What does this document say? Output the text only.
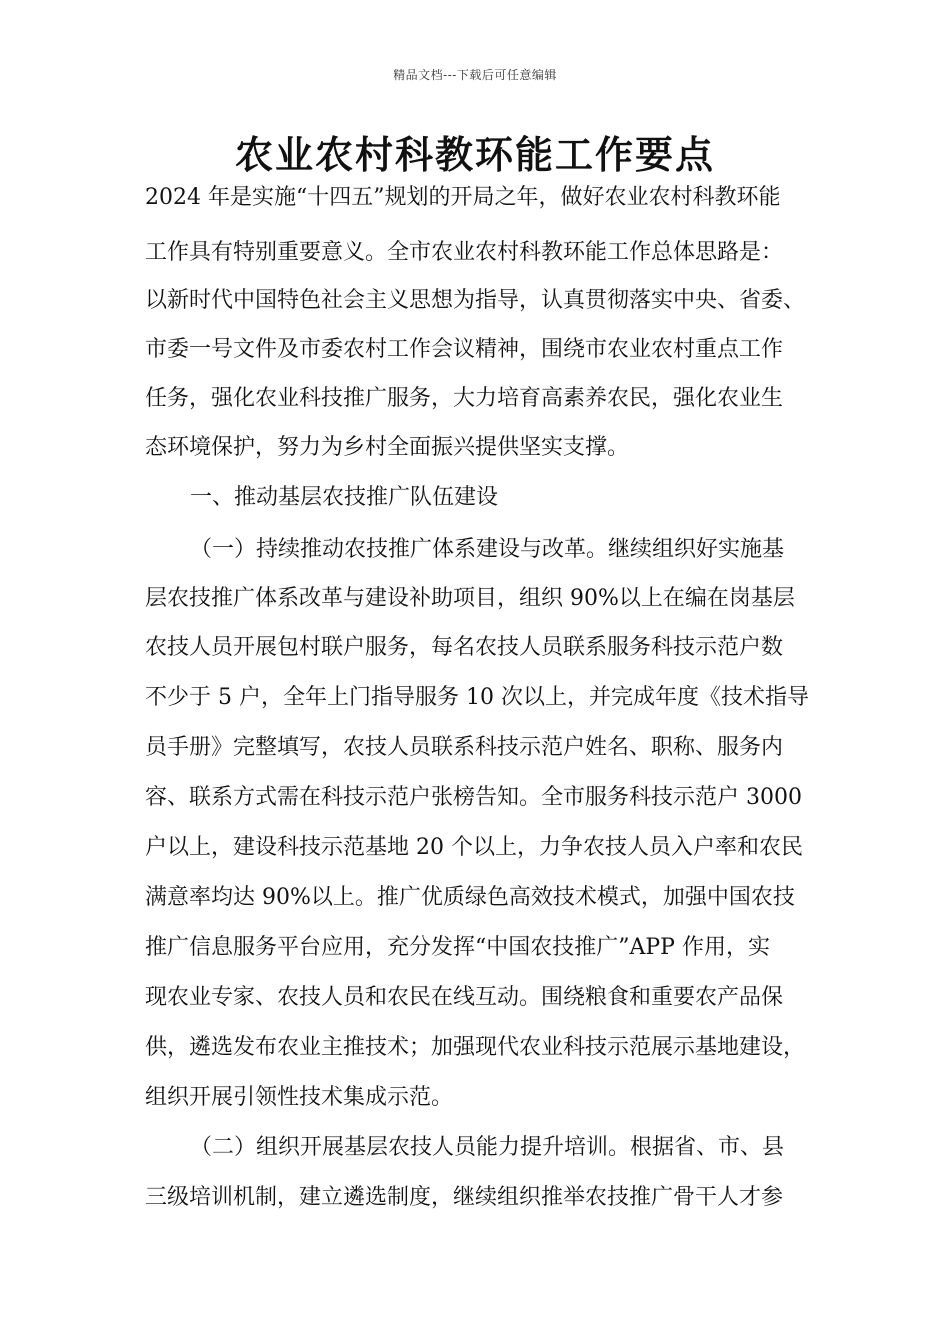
精品文档---下载后可任意编辑
农业农村科教环能工作要点
2024 年是实施“十四五”规划的开局之年，做好农业农村科教环能
工作具有特别重要意义。全市农业农村科教环能工作总体思路是：
以新时代中国特色社会主义思想为指导，认真贯彻落实中央、省委、
市委一号文件及市委农村工作会议精神，围绕市农业农村重点工作
任务，强化农业科技推广服务，大力培育高素养农民，强化农业生
态环境保护，努力为乡村全面振兴提供坚实支撑。
一、推动基层农技推广队伍建设
（一）持续推动农技推广体系建设与改革。继续组织好实施基
层农技推广体系改革与建设补助项目，组织 90%以上在编在岗基层
农技人员开展包村联户服务，每名农技人员联系服务科技示范户数
不少于 5 户，全年上门指导服务 10 次以上，并完成年度《技术指导
员手册》完整填写，农技人员联系科技示范户姓名、职称、服务内
容、联系方式需在科技示范户张榜告知。全市服务科技示范户 3000
户以上，建设科技示范基地 20 个以上，力争农技人员入户率和农民
满意率均达 90%以上。推广优质绿色高效技术模式，加强中国农技
推广信息服务平台应用，充分发挥“中国农技推广”APP 作用，实
现农业专家、农技人员和农民在线互动。围绕粮食和重要农产品保
供，遴选发布农业主推技术；加强现代农业科技示范展示基地建设，
组织开展引领性技术集成示范。
（二）组织开展基层农技人员能力提升培训。根据省、市、县
三级培训机制，建立遴选制度，继续组织推举农技推广骨干人才参
